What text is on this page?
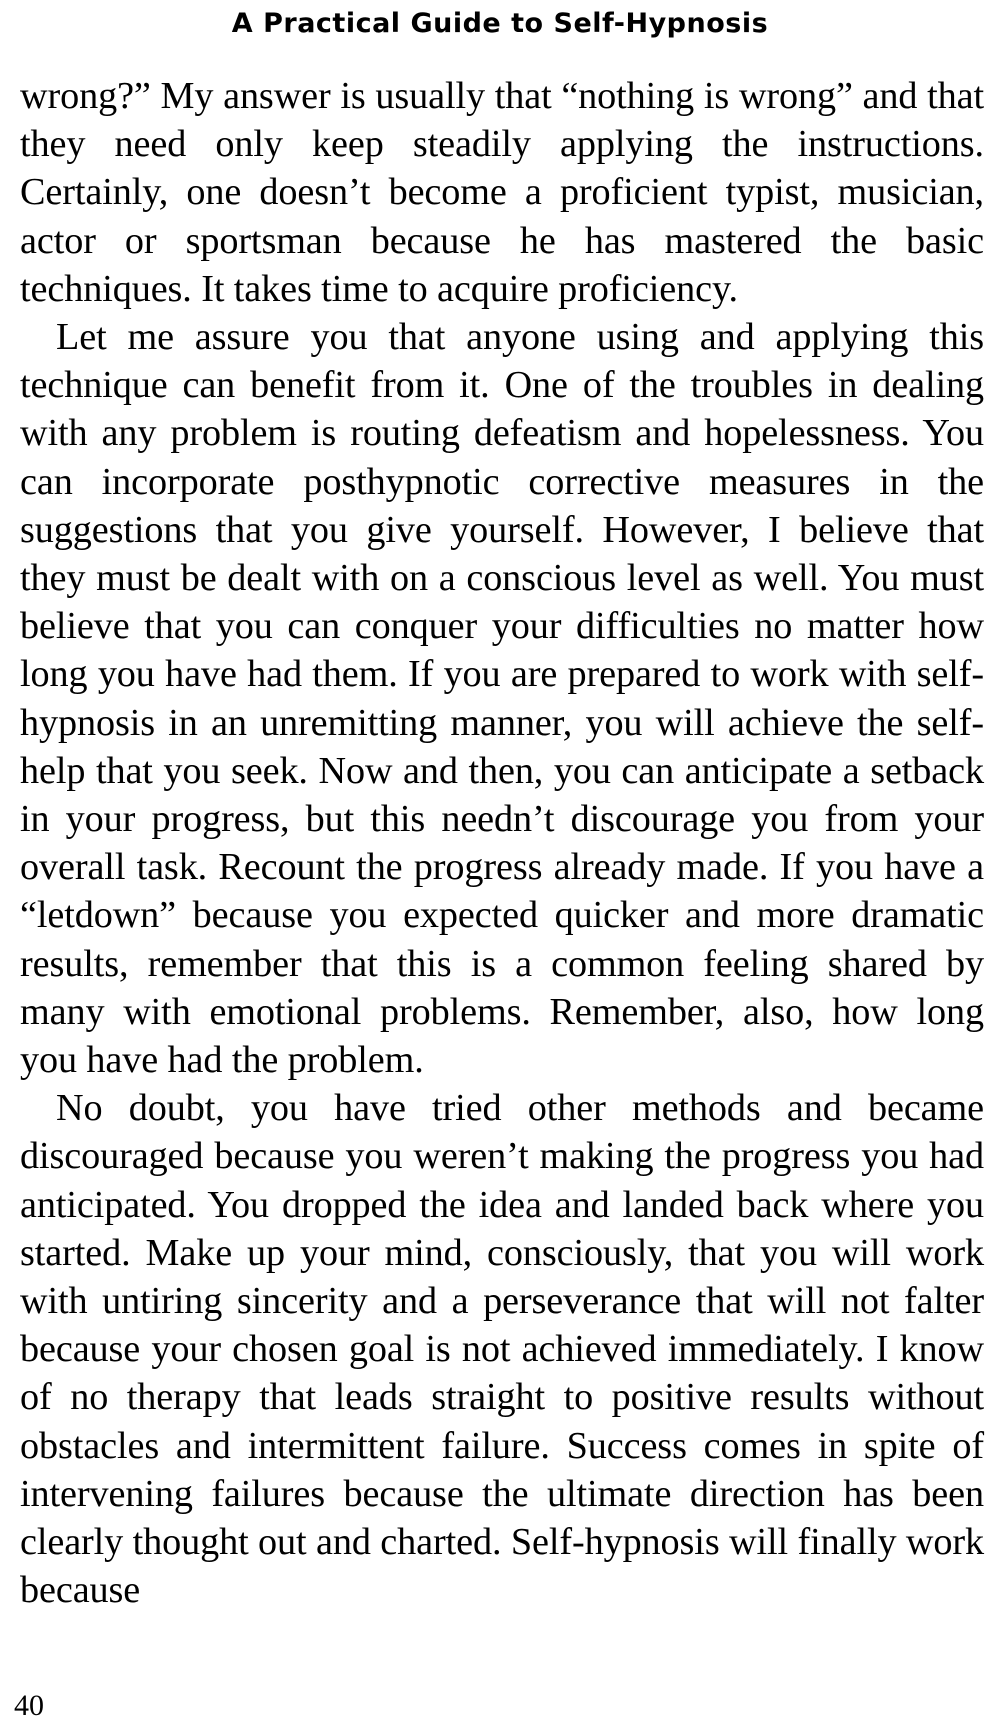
A Practical Guide to Self-Hypnosis

wrong?” My answer is usually that “nothing is wrong” and that they need only keep steadily applying the instructions. Certainly, one doesn’t become a proficient typist, musician, actor or sportsman because he has mastered the basic techniques. It takes time to acquire proficiency.

Let me assure you that anyone using and applying this technique can benefit from it. One of the troubles in dealing with any problem is routing defeatism and hopelessness. You can incorporate posthypnotic corrective measures in the suggestions that you give yourself. However, I believe that they must be dealt with on a conscious level as well. You must believe that you can conquer your difficulties no matter how long you have had them. If you are prepared to work with self-hypnosis in an unremitting manner, you will achieve the self-help that you seek. Now and then, you can anticipate a setback in your progress, but this needn’t discourage you from your overall task. Recount the progress already made. If you have a “letdown” because you expected quicker and more dramatic results, remember that this is a common feeling shared by many with emotional problems. Remember, also, how long you have had the problem.

No doubt, you have tried other methods and became discouraged because you weren’t making the progress you had anticipated. You dropped the idea and landed back where you started. Make up your mind, consciously, that you will work with untiring sincerity and a perseverance that will not falter because your chosen goal is not achieved immediately. I know of no therapy that leads straight to positive results without obstacles and intermittent failure. Success comes in spite of intervening failures because the ultimate direction has been clearly thought out and charted. Self-hypnosis will finally work because

40
